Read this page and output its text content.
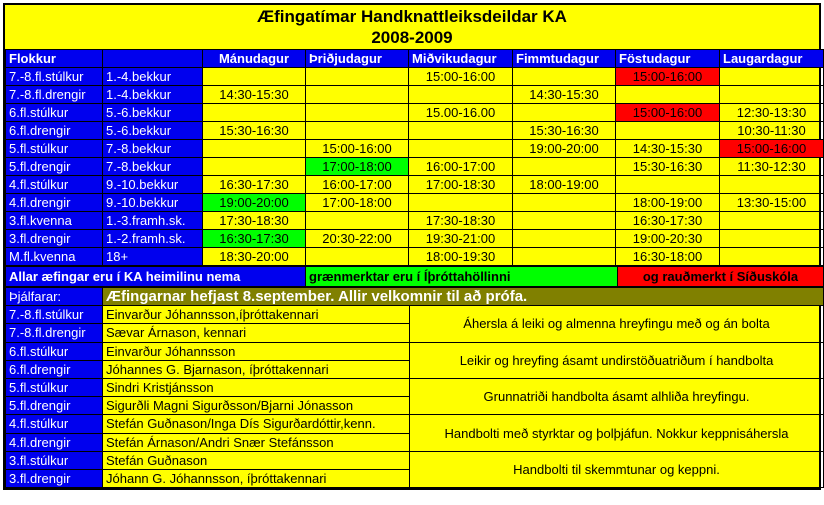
Æfingatímar Handknattleiksdeildar KA
2008-2009
Flokkur		Mánudagur	Þriðjudagur	Miðvikudagur	Fimmtudagur	Föstudagur	Laugardagur
7.-8.fl.stúlkur	1.-4.bekkur			15:00-16:00		15:00-16:00	
7.-8.fl.drengir	1.-4.bekkur	14:30-15:30			14:30-15:30		
6.fl.stúlkur	5.-6.bekkur			15.00-16.00		15:00-16:00	12:30-13:30
6.fl.drengir	5.-6.bekkur	15:30-16:30			15:30-16:30		10:30-11:30
5.fl.stúlkur	7.-8.bekkur		15:00-16:00		19:00-20:00	14:30-15:30	15:00-16:00
5.fl.drengir	7.-8.bekkur		17:00-18:00	16:00-17:00		15:30-16:30	11:30-12:30
4.fl.stúlkur	9.-10.bekkur	16:30-17:30	16:00-17:00	17:00-18:30	18:00-19:00		
4.fl.drengir	9.-10.bekkur	19:00-20:00	17:00-18:00			18:00-19:00	13:30-15:00
3.fl.kvenna	1.-3.framh.sk.	17:30-18:30		17:30-18:30		16:30-17:30	
3.fl.drengir	1.-2.framh.sk.	16:30-17:30	20:30-22:00	19:30-21:00		19:00-20:30	
M.fl.kvenna	18+	18:30-20:00		18:00-19:30		16:30-18:00	
Allar æfingar eru í KA heimilinu nema	grænmerktar eru í Íþróttahöllinni	og rauðmerkt í Síðuskóla
Þjálfarar:	Æfingarnar hefjast 8.september. Allir velkomnir til að prófa.	
7.-8.fl.stúlkur	Einvarður Jóhannsson,íþróttakennari	Áhersla á leiki og almenna hreyfingu með og án bolta
7.-8.fl.drengir	Sævar Árnason, kennari	
6.fl.stúlkur	Einvarður Jóhannsson	Leikir og hreyfing ásamt undirstöðuatriðum í handbolta
6.fl.drengir	Jóhannes G. Bjarnason, íþróttakennari	
5.fl.stúlkur	Sindri Kristjánsson	Grunnatriði handbolta ásamt alhliða hreyfingu.
5.fl.drengir	Sigurðli Magni Sigurðsson/Bjarni Jónasson	
4.fl.stúlkur	Stefán Guðnason/Inga Dís Sigurðardóttir,kenn.	Handbolti með styrktar og þolþjáfun. Nokkur keppnisáhersla
4.fl.drengir	Stefán Árnason/Andri Snær Stefánsson	
3.fl.stúlkur	Stefán Guðnason	Handbolti til skemmtunar og keppni.
3.fl.drengir	Jóhann G. Jóhannsson, íþróttakennari	
